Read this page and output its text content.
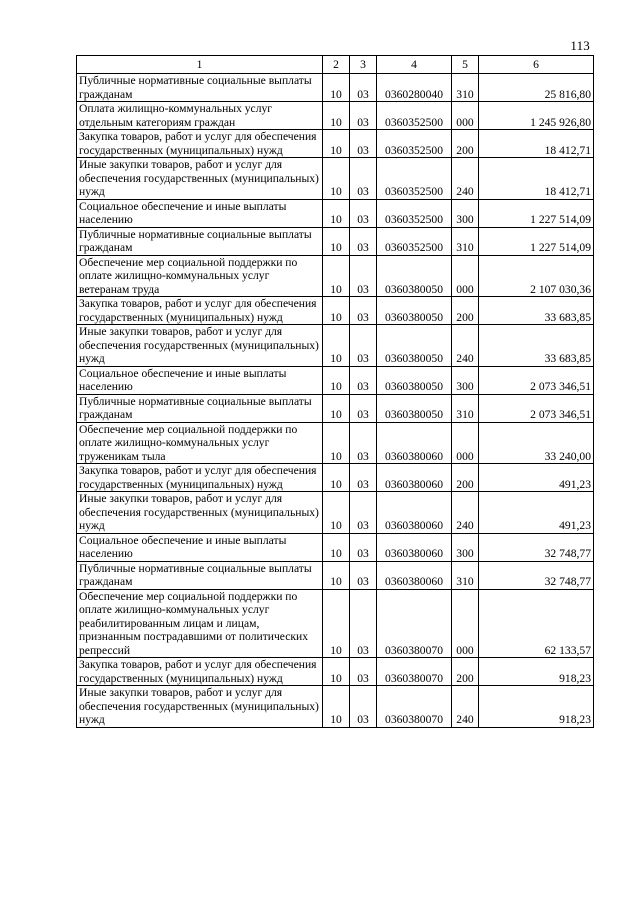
113
1	2	3	4	5	6
Публичные нормативные социальные выплаты гражданам	10	03	0360280040	310	25 816,80
Оплата жилищно-коммунальных услуг отдельным категориям граждан	10	03	0360352500	000	1 245 926,80
Закупка товаров, работ и услуг для обеспечения государственных (муниципальных) нужд	10	03	0360352500	200	18 412,71
Иные закупки товаров, работ и услуг для обеспечения государственных (муниципальных) нужд	10	03	0360352500	240	18 412,71
Социальное обеспечение и иные выплаты населению	10	03	0360352500	300	1 227 514,09
Публичные нормативные социальные выплаты гражданам	10	03	0360352500	310	1 227 514,09
Обеспечение мер социальной поддержки по оплате жилищно-коммунальных услуг ветеранам труда	10	03	0360380050	000	2 107 030,36
Закупка товаров, работ и услуг для обеспечения государственных (муниципальных) нужд	10	03	0360380050	200	33 683,85
Иные закупки товаров, работ и услуг для обеспечения государственных (муниципальных) нужд	10	03	0360380050	240	33 683,85
Социальное обеспечение и иные выплаты населению	10	03	0360380050	300	2 073 346,51
Публичные нормативные социальные выплаты гражданам	10	03	0360380050	310	2 073 346,51
Обеспечение мер социальной поддержки по оплате жилищно-коммунальных услуг труженикам тыла	10	03	0360380060	000	33 240,00
Закупка товаров, работ и услуг для обеспечения государственных (муниципальных) нужд	10	03	0360380060	200	491,23
Иные закупки товаров, работ и услуг для обеспечения государственных (муниципальных) нужд	10	03	0360380060	240	491,23
Социальное обеспечение и иные выплаты населению	10	03	0360380060	300	32 748,77
Публичные нормативные социальные выплаты гражданам	10	03	0360380060	310	32 748,77
Обеспечение мер социальной поддержки по оплате жилищно-коммунальных услуг реабилитированным лицам и лицам, признанным пострадавшими от политических репрессий	10	03	0360380070	000	62 133,57
Закупка товаров, работ и услуг для обеспечения государственных (муниципальных) нужд	10	03	0360380070	200	918,23
Иные закупки товаров, работ и услуг для обеспечения государственных (муниципальных) нужд	10	03	0360380070	240	918,23
